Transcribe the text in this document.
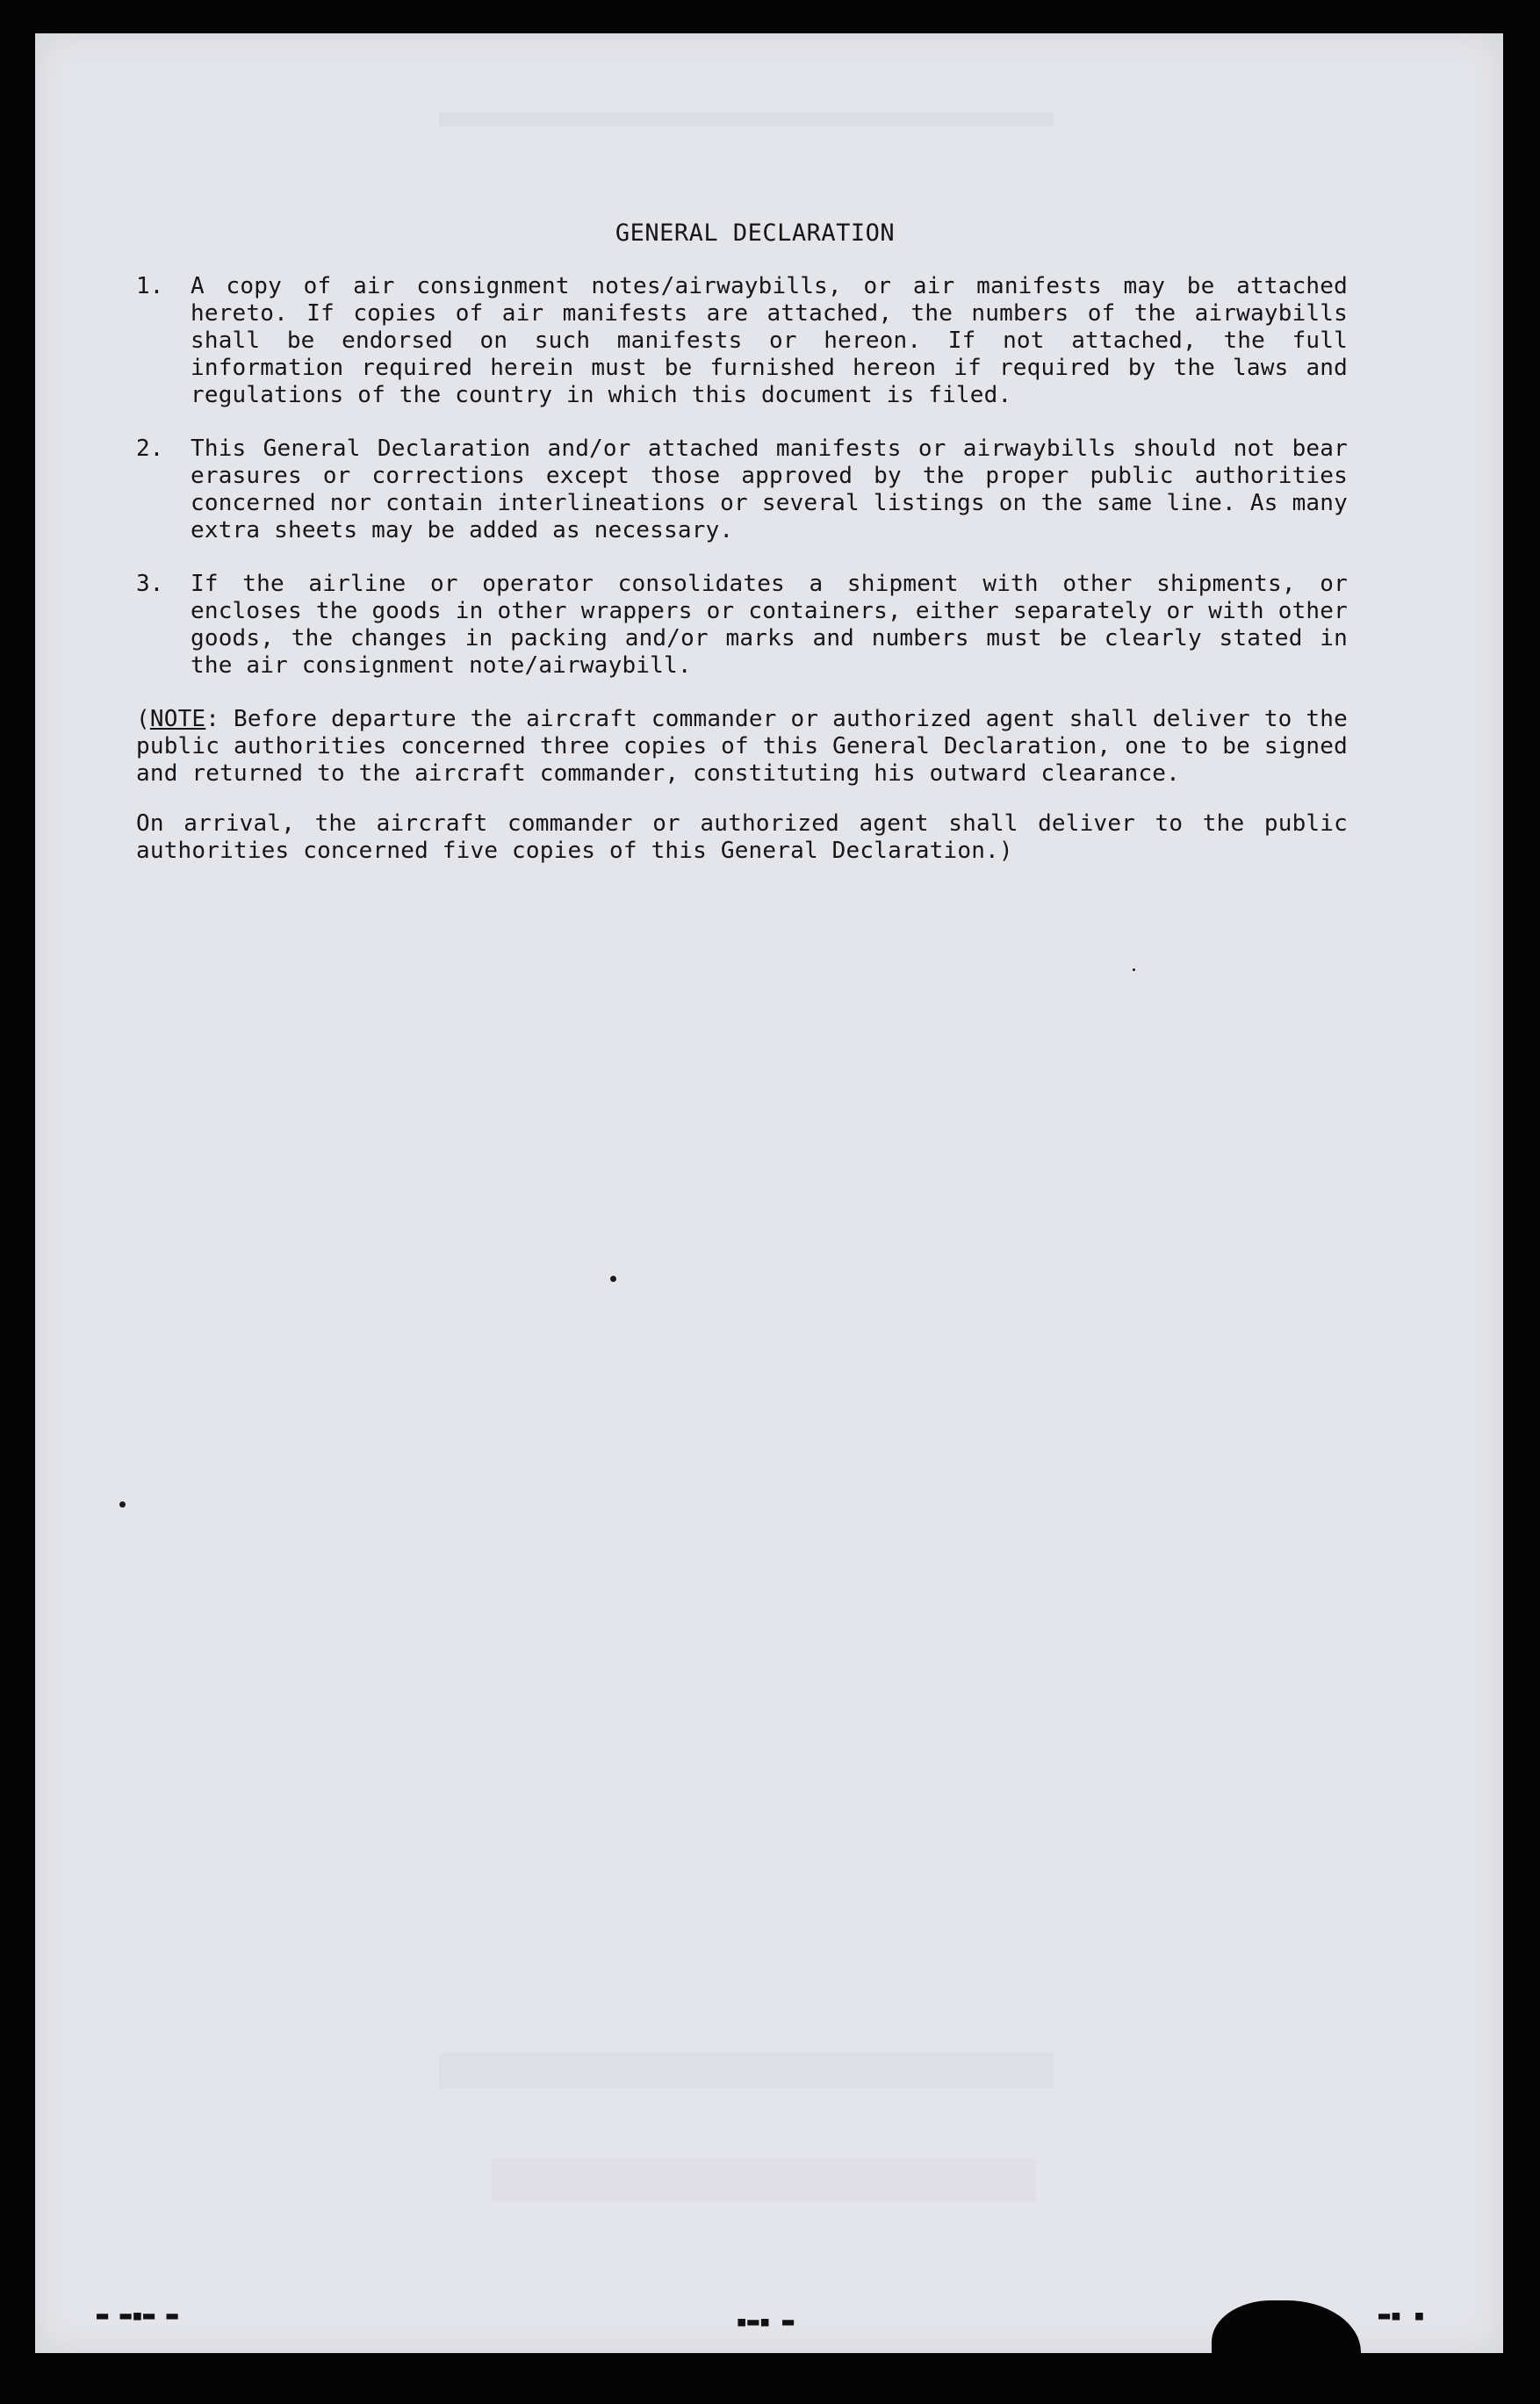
GENERAL DECLARATION
1.	A copy of air consignment notes/airwaybills, or air manifests may be attached hereto. If copies of air manifests are attached, the numbers of the airwaybills shall be endorsed on such manifests or hereon. If not attached, the full information required herein must be furnished hereon if required by the laws and regulations of the country in which this document is filed.
2.	This General Declaration and/or attached manifests or airwaybills should not bear erasures or corrections except those approved by the proper public authorities concerned nor contain interlineations or several listings on the same line. As many extra sheets may be added as necessary.
3.	If the airline or operator consolidates a shipment with other shipments, or encloses the goods in other wrappers or containers, either separately or with other goods, the changes in packing and/or marks and numbers must be clearly stated in the air consignment note/airwaybill.
(NOTE: Before departure the aircraft commander or authorized agent shall deliver to the public authorities concerned three copies of this General Declaration, one to be signed and returned to the aircraft commander, constituting his outward clearance.
On arrival, the aircraft commander or authorized agent shall deliver to the public authorities concerned five copies of this General Declaration.)
▬ ▬▪▬ ▬	▪▬▪ ▬	▬▪ ▪
